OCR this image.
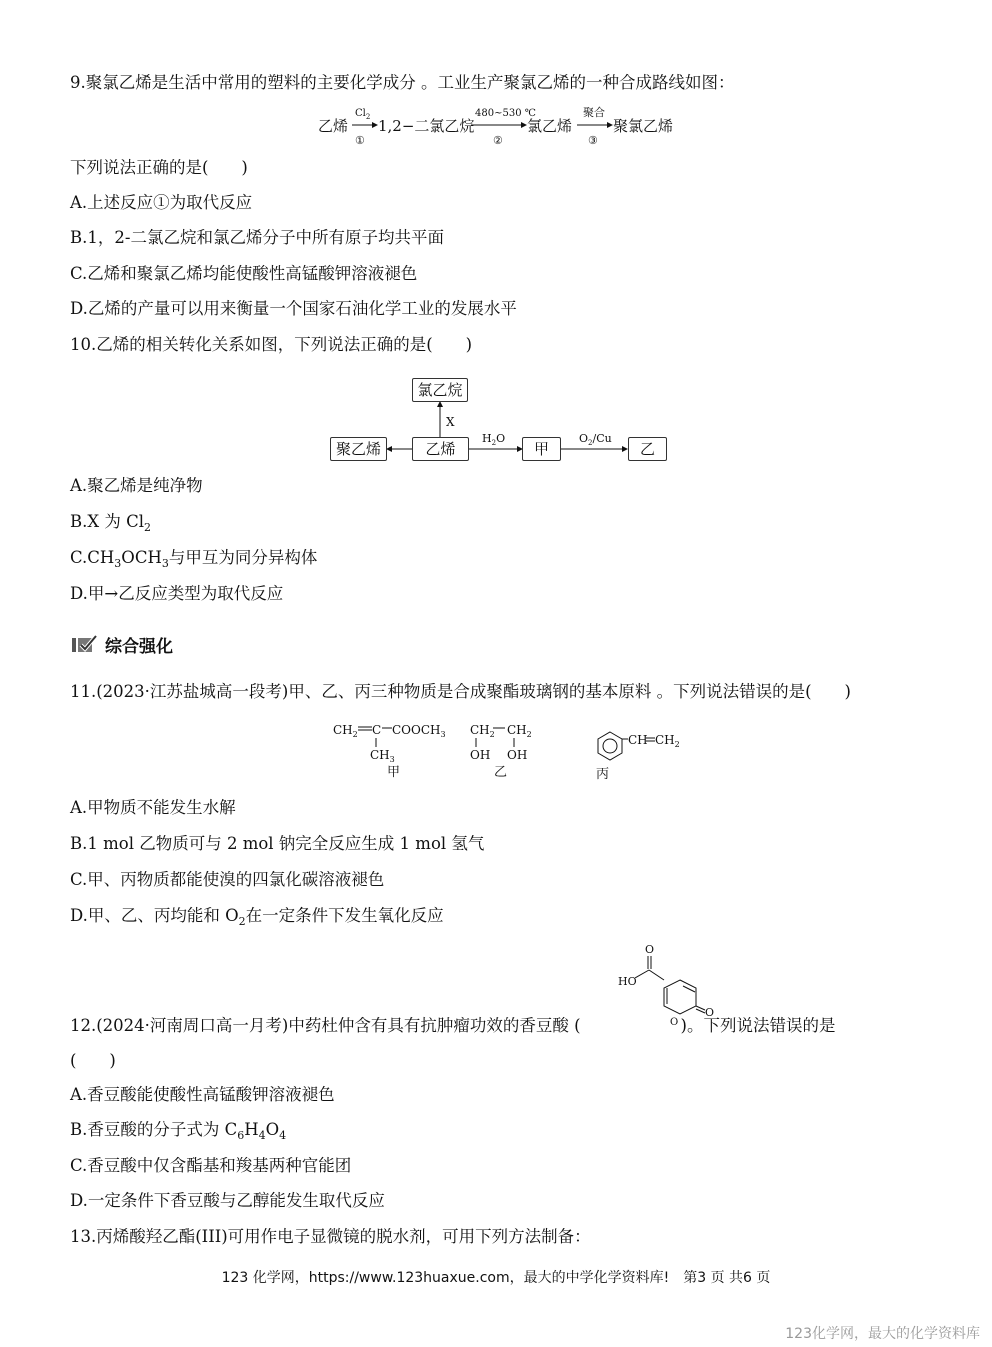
9.聚氯乙烯是生活中常用的塑料的主要化学成分 。工业生产聚氯乙烯的一种合成路线如图：
乙烯
$Cl_2$
①
1,2−二氯乙烷
480~530 ℃
②
氯乙烯
聚合
③
聚氯乙烯
下列说法正确的是(　　)
A.上述反应①为取代反应
B.1，2-二氯乙烷和氯乙烯分子中所有原子均共平面
C.乙烯和聚氯乙烯均能使酸性高锰酸钾溶液褪色
D.乙烯的产量可以用来衡量一个国家石油化学工业的发展水平
10.乙烯的相关转化关系如图，下列说法正确的是(　　)
X
$H_2O$	$O_2/Cu$
氯乙烷
聚乙烯	乙烯	甲	乙
A.聚乙烯是纯净物
B.X 为 $Cl_2$
$C.CH_3OCH_3$与甲互为同分异构体
D.甲→乙反应类型为取代反应
综合强化
11.(2023·江苏盐城高一段考)甲、乙、丙三种物质是合成聚酯玻璃钢的基本原料 。下列说法错误的是(　　)
$CH_2$ C $COOCH_3$
$CH_3$
甲
$CH_2$ $CH_2$
OH OH
乙
CH $CH_2$
丙
A.甲物质不能发生水解
B.1 mol 乙物质可与 2 mol 钠完全反应生成 1 mol 氢气
C.甲、丙物质都能使溴的四氯化碳溶液褪色
D.甲、乙、丙均能和 $O_2$在一定条件下发生氧化反应
O
HO
O
O
12.(2024·河南周口高一月考)中药杜仲含有具有抗肿瘤功效的香豆酸 (	)。下列说法错误的是
(　　)
A.香豆酸能使酸性高锰酸钾溶液褪色
B.香豆酸的分子式为 $C_6H_4O_4$
C.香豆酸中仅含酯基和羧基两种官能团
D.一定条件下香豆酸与乙醇能发生取代反应
13.丙烯酸羟乙酯(III)可用作电子显微镜的脱水剂，可用下列方法制备：
123 化学网，https://www.123huaxue.com，最大的中学化学资料库!　第3 页 共6 页
123化学网，最大的化学资料库
